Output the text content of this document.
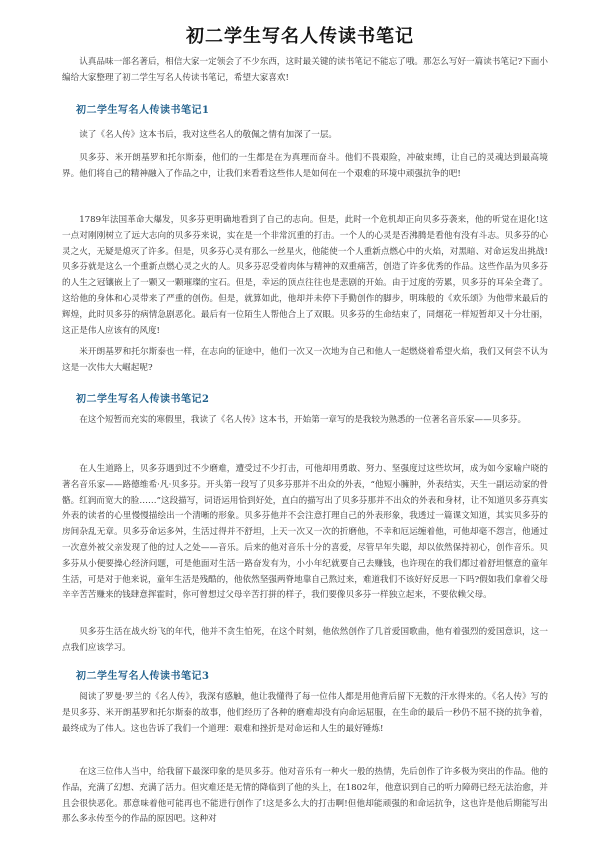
初二学生写名人传读书笔记

认真品味一部名著后，相信大家一定领会了不少东西，这时最关键的读书笔记不能忘了哦。那怎么写好一篇读书笔记?下面小编给大家整理了初二学生写名人传读书笔记，希望大家喜欢!

初二学生写名人传读书笔记1

读了《名人传》这本书后，我对这些名人的敬佩之情有加深了一层。

贝多芬、米开朗基罗和托尔斯泰，他们的一生都是在为真理而奋斗。他们不畏艰险，冲破束缚，让自己的灵魂达到最高境界。他们将自己的精神融入了作品之中，让我们来看看这些伟人是如何在一个艰难的环境中顽强抗争的吧!

1789年法国革命大爆发，贝多芬更明确地看到了自己的志向。但是，此时一个危机却正向贝多芬袭来，他的听觉在退化!这一点对刚刚树立了远大志向的贝多芬来说，实在是一个非常沉重的打击。一个人的心灵是否沸腾是看他有没有斗志。贝多芬的心灵之火，无疑是熄灭了许多。但是，贝多芬心灵有那么一丝星火，他能使一个人重新点燃心中的火焰，对黑暗、对命运发出挑战!贝多芬就是这么一个重新点燃心灵之火的人。贝多芬忍受着肉体与精神的双重痛苦，创造了许多优秀的作品。这些作品为贝多芬的人生之冠镶嵌上了一颗又一颗璀璨的宝石。但是，幸运的顶点往往也是悲剧的开始。由于过度的劳累，贝多芬的耳朵全聋了。这给他的身体和心灵带来了严重的创伤。但是，就算如此，他却并未停下手勤创作的脚步，明珠般的《欢乐颂》为他带来最后的辉煌，此时贝多芬的病情急剧恶化。最后有一位陌生人帮他合上了双眼。贝多芬的生命结束了，同烟花一样短暂却又十分壮丽，这正是伟人应该有的风度!

米开朗基罗和托尔斯泰也一样，在志向的征途中，他们一次又一次地为自己和他人一起燃烧着希望火焰，我们又何尝不认为这是一次伟大大崛起呢?

初二学生写名人传读书笔记2

在这个短暂而充实的寒假里，我读了《名人传》这本书，开始第一章写的是我较为熟悉的一位著名音乐家——贝多芬。

在人生道路上，贝多芬遇到过不少磨难，遭受过不少打击，可他却用勇敢、努力、坚强度过这些坎坷，成为如今家喻户晓的著名音乐家——路德维希·凡·贝多芬。开头第一段写了贝多芬那并不出众的外表，“他短小臃肿，外表结实，天生一副运动家的骨骼。红润而宽大的脸……”这段描写，词语运用恰到好处，直白的描写出了贝多芬那并不出众的外表和身材，让不知道贝多芬真实外表的读者的心里慢慢描绘出一个清晰的形象。贝多芬他并不会注意打理自己的外表形象，我透过一篇课文知道，其实贝多芬的房间杂乱无章。贝多芬命运多舛，生活过得并不舒坦，上天一次又一次的折磨他，不幸和厄运缠着他，可他却毫不怨言，他通过一次意外被父亲发现了他的过人之处——音乐。后来的他对音乐十分的喜爱，尽管早年失聪，却以依然保持初心，创作音乐。贝多芬从小便要操心经济问题，可是他面对生活一路奋发有为，小小年纪就要自己去赚钱，也许现在的我们都过着舒坦惬意的童年生活，可是对于他来说，童年生活是残酷的，他依然坚强两脊地靠自己熬过来，难道我们不该好好反思一下吗?假如我们拿着父母辛辛苦苦赚来的钱肆意挥霍时，你可曾想过父母辛苦打拼的样子，我们要像贝多芬一样独立起来，不要依赖父母。

贝多芬生活在战火纷飞的年代，他并不贪生怕死，在这个时刻，他依然创作了几首爱国歌曲，他有着强烈的爱国意识，这一点我们应该学习。

初二学生写名人传读书笔记3

阅读了罗曼·罗兰的《名人传》，我深有感触，他让我懂得了每一位伟人都是用他背后留下无数的汗水得来的。《名人传》写的是贝多芬、米开朗基罗和托尔斯泰的故事，他们经历了各种的磨难却没有向命运屈服，在生命的最后一秒仍不屈不挠的抗争着，最终成为了伟人。这也告诉了我们一个道理：艰难和挫折是对命运和人生的最好锤炼!

在这三位伟人当中，给我留下最深印象的是贝多芬。他对音乐有一种火一般的热情，先后创作了许多极为突出的作品。他的作品，充满了幻想、充满了活力。但灾难还是无情的降临到了他的头上，在1802年，他意识到自己的听力障碍已经无法治愈，并且会很快恶化。那意味着他可能再也不能进行创作了!这是多么大的打击啊!但他却能顽强的和命运抗争，这也许是他后期能写出那么多永传至今的作品的原因吧。这种对
